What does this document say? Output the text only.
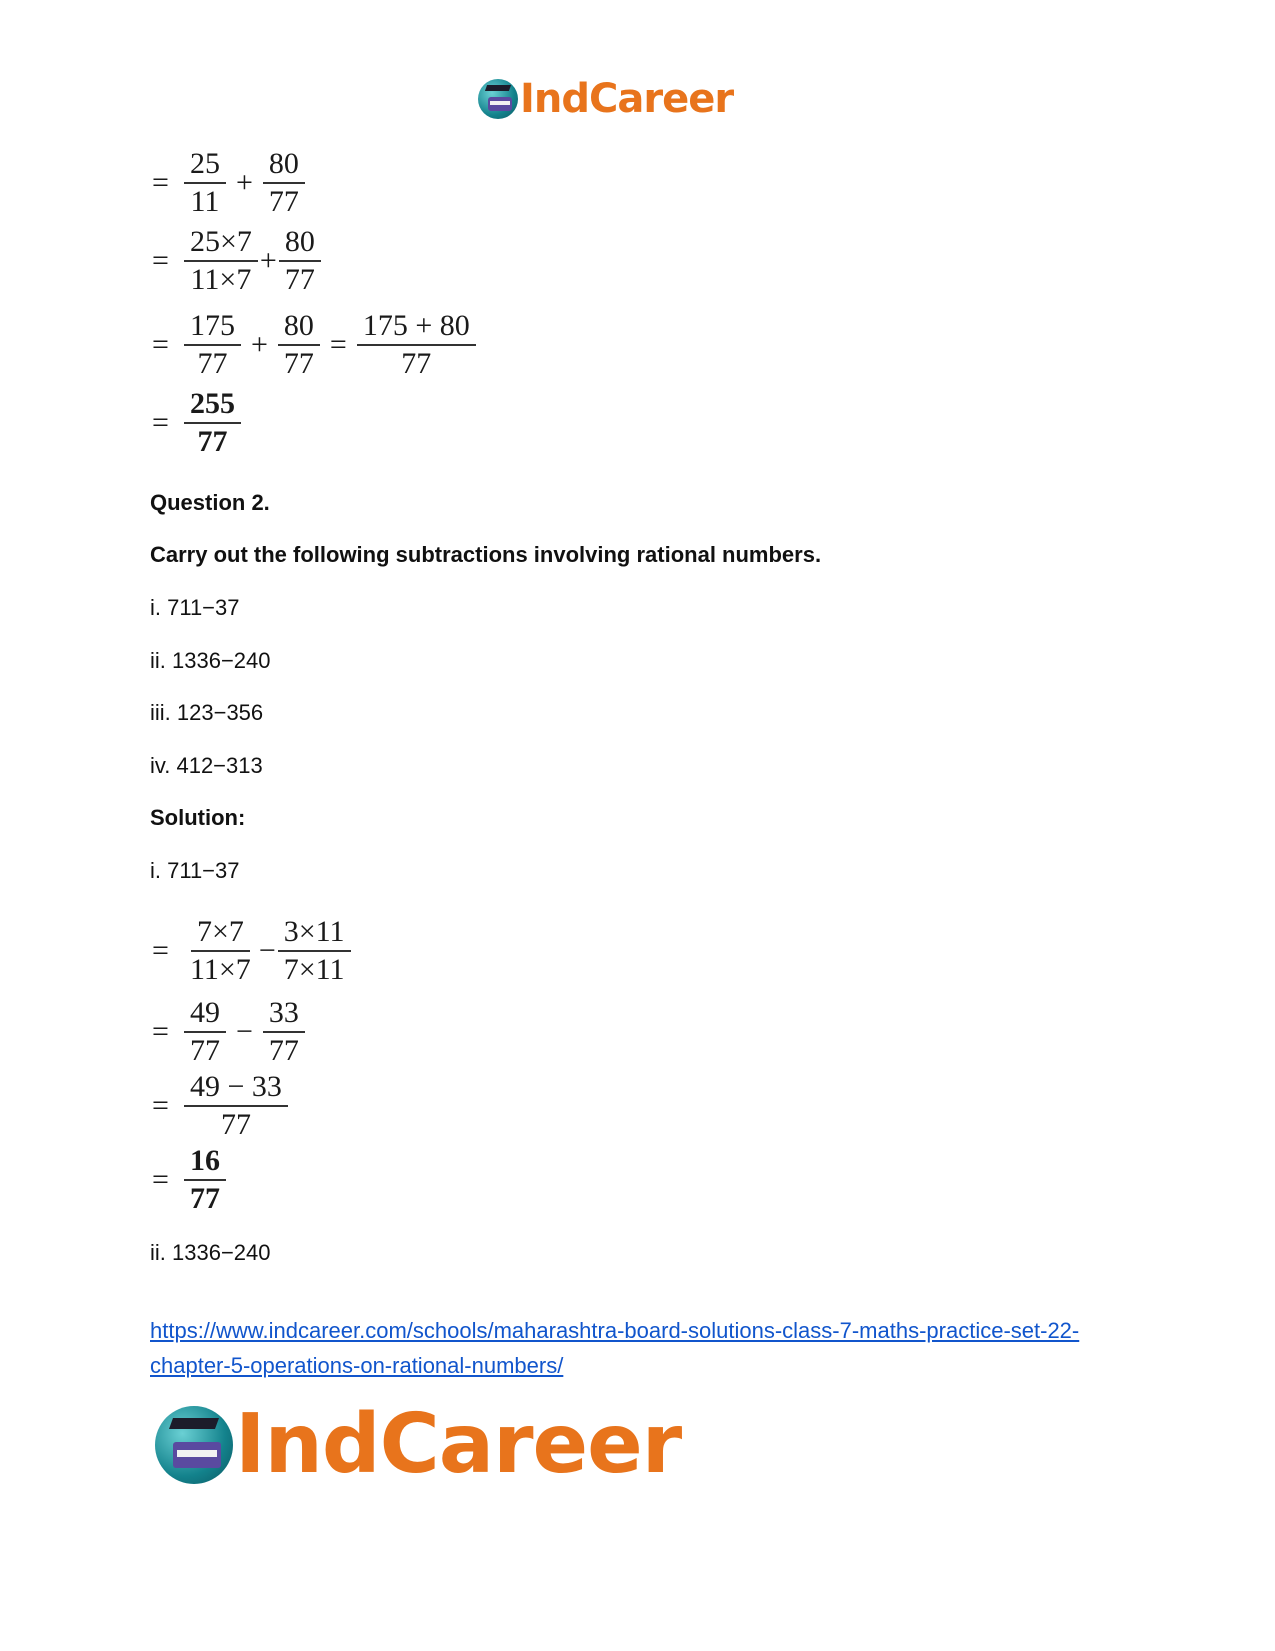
IndCareer
= $\frac{25}{11} + \frac{80}{77}$
= $\frac{25\times 7}{11\times 7} + \frac{80}{77}$
= $\frac{175}{77} + \frac{80}{77} = \frac{175 + 80}{77}$
= $\frac{255}{77}$
Question 2.
Carry out the following subtractions involving rational numbers.
i. 711−37
ii. 1336−240
iii. 123−356
iv. 412−313
Solution:
i. 711−37
= $\frac{7\times 7}{11\times 7} - \frac{3\times 11}{7\times 11}$
= $\frac{49}{77} - \frac{33}{77}$
= $\frac{49 - 33}{77}$
= $\frac{16}{77}$
ii. 1336−240
https://www.indcareer.com/schools/maharashtra-board-solutions-class-7-maths-practice-set-22-
chapter-5-operations-on-rational-numbers/
IndCareer
